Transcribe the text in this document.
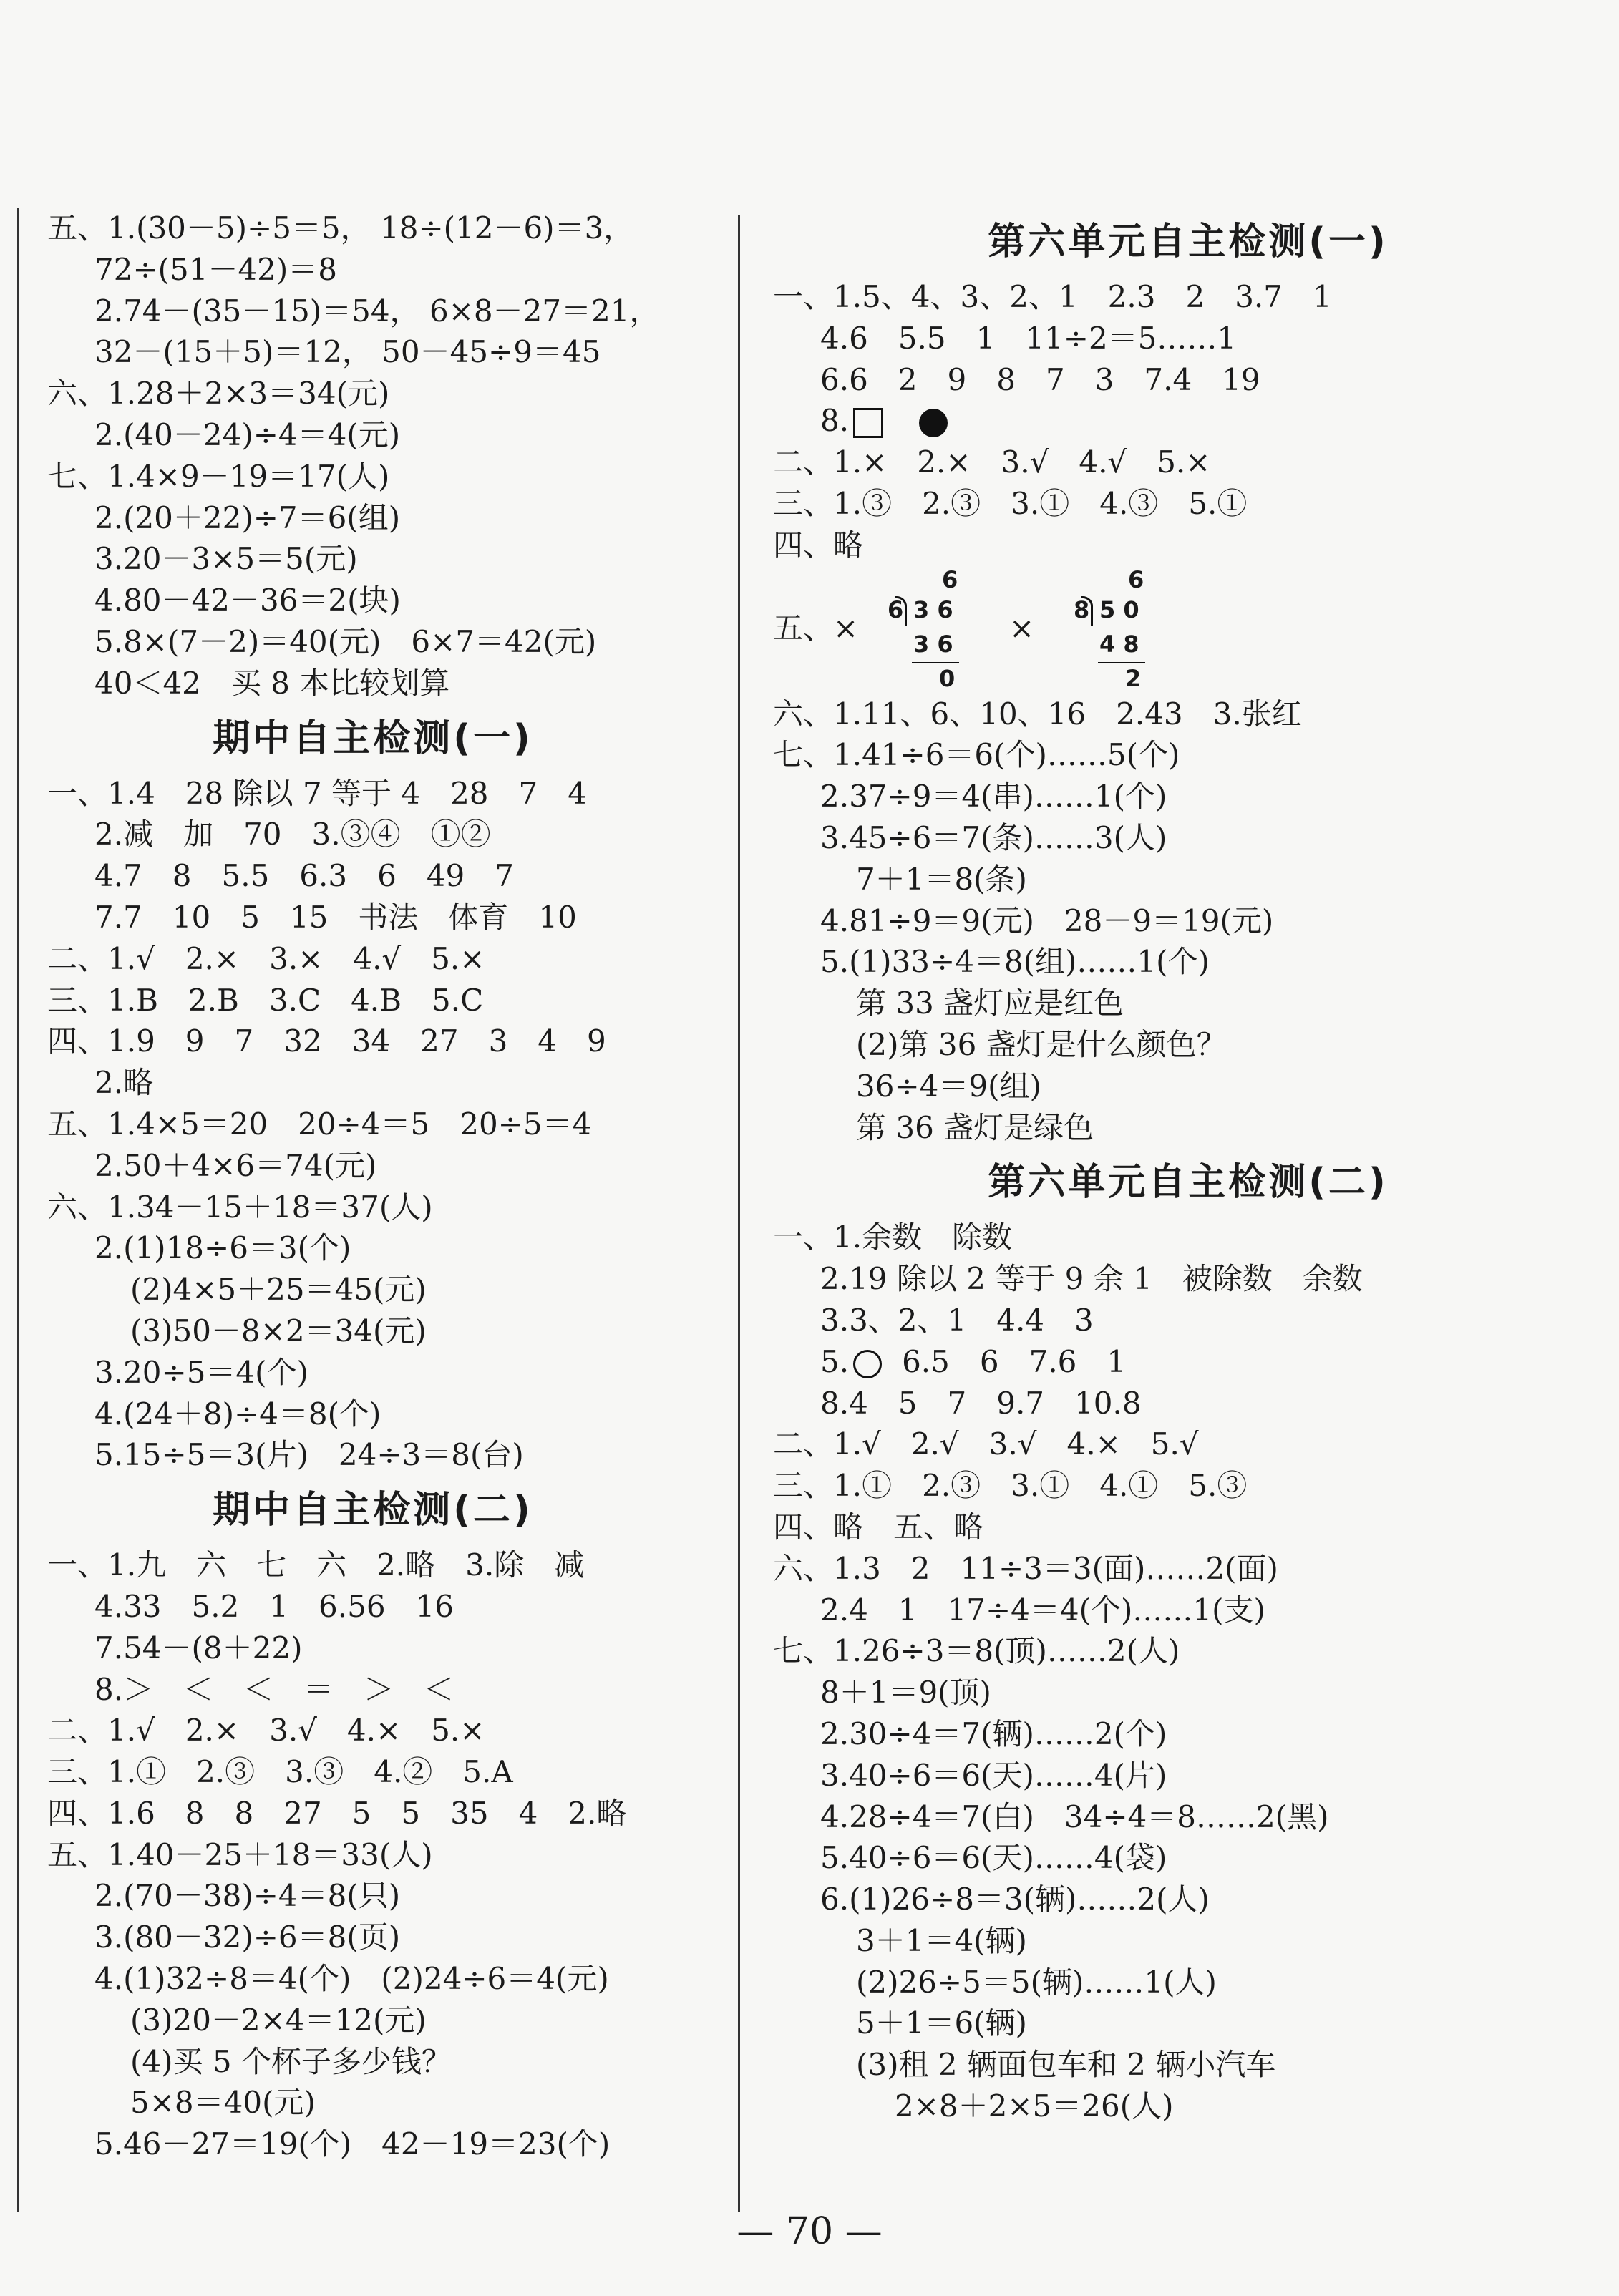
五、1.(30－5)÷5＝5， 18÷(12－6)＝3，
72÷(51－42)＝8
2.74－(35－15)＝54， 6×8－27＝21，
32－(15＋5)＝12， 50－45÷9＝45
六、1.28＋2×3＝34(元)
2.(40－24)÷4＝4(元)
七、1.4×9－19＝17(人)
2.(20＋22)÷7＝6(组)
3.20－3×5＝5(元)
4.80－42－36＝2(块)
5.8×(7－2)＝40(元)　6×7＝42(元)
40＜42　买 8 本比较划算
期中自主检测(一)
一、1.4　28 除以 7 等于 4　28　7　4
2.减　加　70　3.③④　①②
4.7　8　5.5　6.3　6　49　7
7.7　10　5　15　书法　体育　10
二、1.√　2.×　3.×　4.√　5.×
三、1.B　2.B　3.C　4.B　5.C
四、1.9　9　7　32　34　27　3　4　9
2.略
五、1.4×5＝20　20÷4＝5　20÷5＝4
2.50＋4×6＝74(元)
六、1.34－15＋18＝37(人)
2.(1)18÷6＝3(个)
(2)4×5＋25＝45(元)
(3)50－8×2＝34(元)
3.20÷5＝4(个)
4.(24＋8)÷4＝8(个)
5.15÷5＝3(片)　24÷3＝8(台)
期中自主检测(二)
一、1.九　六　七　六　2.略　3.除　减
4.33　5.2　1　6.56　16
7.54－(8＋22)
8.＞　＜　＜　＝　＞　＜
二、1.√　2.×　3.√　4.×　5.×
三、1.①　2.③　3.③　4.②　5.A
四、1.6　8　8　27　5　5　35　4　2.略
五、1.40－25＋18＝33(人)
2.(70－38)÷4＝8(只)
3.(80－32)÷6＝8(页)
4.(1)32÷8＝4(个)　(2)24÷6＝4(元)
(3)20－2×4＝12(元)
(4)买 5 个杯子多少钱？
5×8＝40(元)
5.46－27＝19(个)　42－19＝23(个)
第六单元自主检测(一)
一、1.5、4、3、2、1　2.3　2　3.7　1
4.6　5.5　1　11÷2＝5……1
6.6　2　9　8　7　3　7.4　19
8.
二、1.×　2.×　3.√　4.√　5.×
三、1.③　2.③　3.①　4.③　5.①
四、略
五、×
6
6 3 6
3 6
0
×
6
8 5 0
4 8
2
六、1.11、6、10、16　2.43　3.张红
七、1.41÷6＝6(个)……5(个)
2.37÷9＝4(串)……1(个)
3.45÷6＝7(条)……3(人)
7＋1＝8(条)
4.81÷9＝9(元)　28－9＝19(元)
5.(1)33÷4＝8(组)……1(个)
第 33 盏灯应是红色
(2)第 36 盏灯是什么颜色？
36÷4＝9(组)
第 36 盏灯是绿色
第六单元自主检测(二)
一、1.余数　除数
2.19 除以 2 等于 9 余 1　被除数　余数
3.3、2、1　4.4　3
5. 6.5　6　7.6　1
8.4　5　7　9.7　10.8
二、1.√　2.√　3.√　4.×　5.√
三、1.①　2.③　3.①　4.①　5.③
四、略　五、略
六、1.3　2　11÷3＝3(面)……2(面)
2.4　1　17÷4＝4(个)……1(支)
七、1.26÷3＝8(顶)……2(人)
8＋1＝9(顶)
2.30÷4＝7(辆)……2(个)
3.40÷6＝6(天)……4(片)
4.28÷4＝7(白)　34÷4＝8……2(黑)
5.40÷6＝6(天)……4(袋)
6.(1)26÷8＝3(辆)……2(人)
3＋1＝4(辆)
(2)26÷5＝5(辆)……1(人)
5＋1＝6(辆)
(3)租 2 辆面包车和 2 辆小汽车
2×8＋2×5＝26(人)
— 70 —
